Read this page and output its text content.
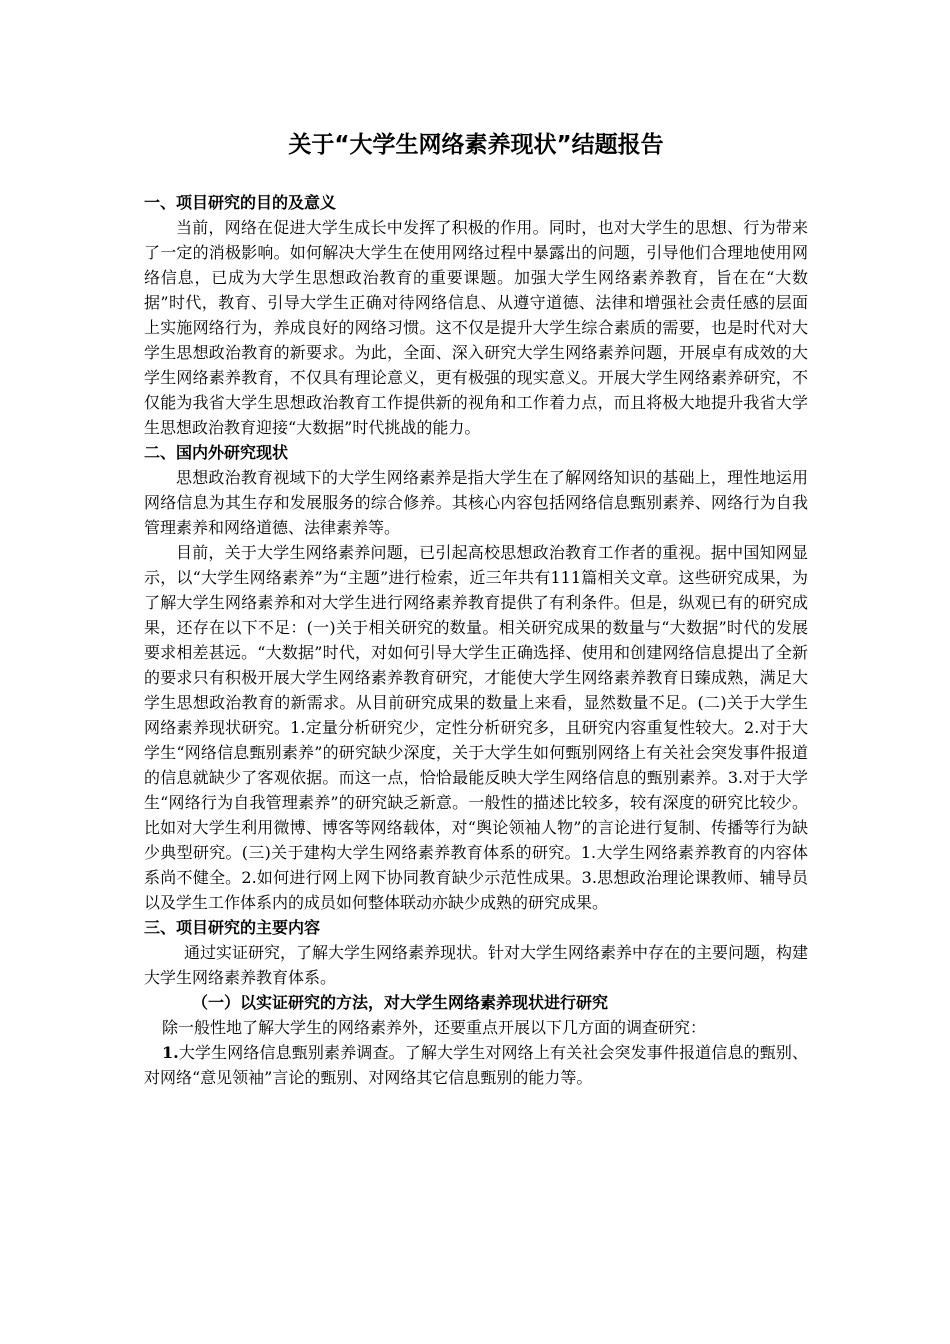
关于“大学生网络素养现状”结题报告
一、项目研究的目的及意义

当前，网络在促进大学生成长中发挥了积极的作用。同时，也对大学生的思想、行为带来了一定的消极影响。如何解决大学生在使用网络过程中暴露出的问题，引导他们合理地使用网络信息，已成为大学生思想政治教育的重要课题。加强大学生网络素养教育，旨在在“大数据”时代，教育、引导大学生正确对待网络信息、从遵守道德、法律和增强社会责任感的层面上实施网络行为，养成良好的网络习惯。这不仅是提升大学生综合素质的需要，也是时代对大学生思想政治教育的新要求。为此，全面、深入研究大学生网络素养问题，开展卓有成效的大学生网络素养教育，不仅具有理论意义，更有极强的现实意义。开展大学生网络素养研究，不仅能为我省大学生思想政治教育工作提供新的视角和工作着力点，而且将极大地提升我省大学生思想政治教育迎接“大数据”时代挑战的能力。

二、国内外研究现状

思想政治教育视域下的大学生网络素养是指大学生在了解网络知识的基础上，理性地运用网络信息为其生存和发展服务的综合修养。其核心内容包括网络信息甄别素养、网络行为自我管理素养和网络道德、法律素养等。

目前，关于大学生网络素养问题，已引起高校思想政治教育工作者的重视。据中国知网显示，以“大学生网络素养”为“主题”进行检索，近三年共有111篇相关文章。这些研究成果，为了解大学生网络素养和对大学生进行网络素养教育提供了有利条件。但是，纵观已有的研究成果，还存在以下不足：(一)关于相关研究的数量。相关研究成果的数量与“大数据”时代的发展要求相差甚远。“大数据”时代，对如何引导大学生正确选择、使用和创建网络信息提出了全新的要求只有积极开展大学生网络素养教育研究，才能使大学生网络素养教育日臻成熟，满足大学生思想政治教育的新需求。从目前研究成果的数量上来看，显然数量不足。(二)关于大学生网络素养现状研究。1.定量分析研究少，定性分析研究多，且研究内容重复性较大。2.对于大学生“网络信息甄别素养”的研究缺少深度，关于大学生如何甄别网络上有关社会突发事件报道的信息就缺少了客观依据。而这一点，恰恰最能反映大学生网络信息的甄别素养。3.对于大学生“网络行为自我管理素养”的研究缺乏新意。一般性的描述比较多，较有深度的研究比较少。比如对大学生利用微博、博客等网络载体，对“舆论领袖人物”的言论进行复制、传播等行为缺少典型研究。(三)关于建构大学生网络素养教育体系的研究。1.大学生网络素养教育的内容体系尚不健全。2.如何进行网上网下协同教育缺少示范性成果。3.思想政治理论课教师、辅导员以及学生工作体系内的成员如何整体联动亦缺少成熟的研究成果。

三、项目研究的主要内容

通过实证研究，了解大学生网络素养现状。针对大学生网络素养中存在的主要问题，构建大学生网络素养教育体系。

（一）以实证研究的方法，对大学生网络素养现状进行研究

除一般性地了解大学生的网络素养外，还要重点开展以下几方面的调查研究：

1.大学生网络信息甄别素养调查。了解大学生对网络上有关社会突发事件报道信息的甄别、对网络“意见领袖”言论的甄别、对网络其它信息甄别的能力等。
